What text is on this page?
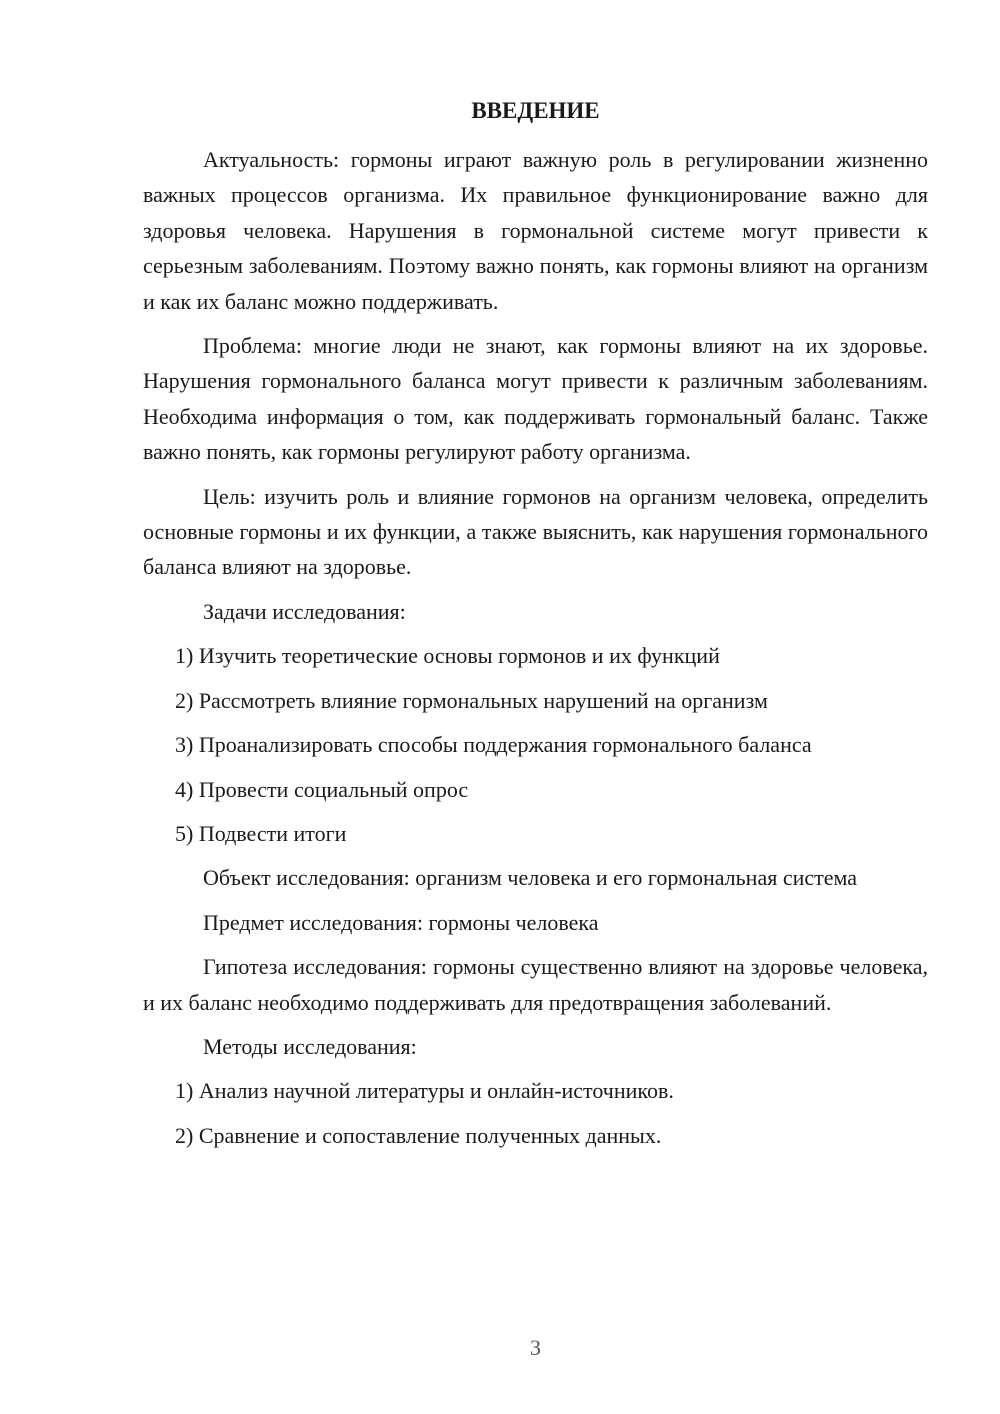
ВВЕДЕНИЕ

Актуальность: гормоны играют важную роль в регулировании жизненно важных процессов организма. Их правильное функционирование важно для здоровья человека. Нарушения в гормональной системе могут привести к серьезным заболеваниям. Поэтому важно понять, как гормоны влияют на организм и как их баланс можно поддерживать.

Проблема: многие люди не знают, как гормоны влияют на их здоровье. Нарушения гормонального баланса могут привести к различным заболеваниям. Необходима информация о том, как поддерживать гормональный баланс. Также важно понять, как гормоны регулируют работу организма.

Цель: изучить роль и влияние гормонов на организм человека, определить основные гормоны и их функции, а также выяснить, как нарушения гормонального баланса влияют на здоровье.

Задачи исследования:

1) Изучить теоретические основы гормонов и их функций

2) Рассмотреть влияние гормональных нарушений на организм

3) Проанализировать способы поддержания гормонального баланса

4) Провести социальный опрос

5) Подвести итоги

Объект исследования: организм человека и его гормональная система

Предмет исследования: гормоны человека

Гипотеза исследования: гормоны существенно влияют на здоровье человека, и их баланс необходимо поддерживать для предотвращения заболеваний.

Методы исследования:

1) Анализ научной литературы и онлайн-источников.

2) Сравнение и сопоставление полученных данных.

3
